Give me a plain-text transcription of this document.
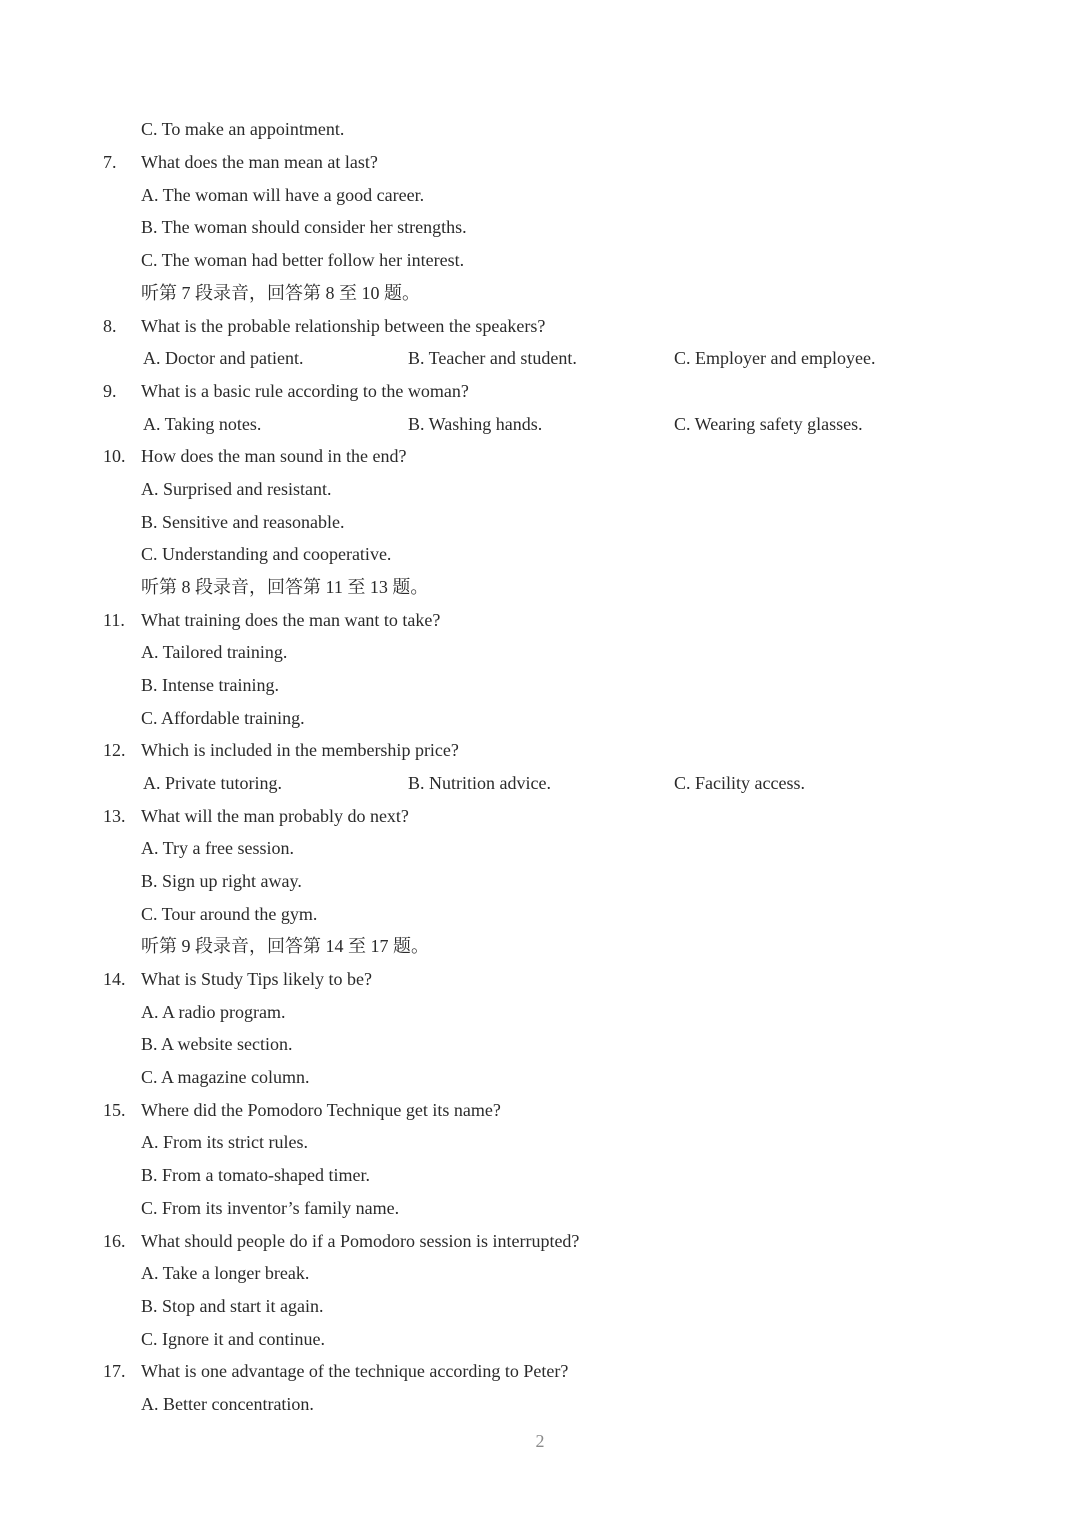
C. To make an appointment.
7. What does the man mean at last?
A. The woman will have a good career.
B. The woman should consider her strengths.
C. The woman had better follow her interest.
听第 7 段录音，回答第 8 至 10 题。
8. What is the probable relationship between the speakers?
A. Doctor and patient.	B. Teacher and student.	C. Employer and employee.
9. What is a basic rule according to the woman?
A. Taking notes.	B. Washing hands.	C. Wearing safety glasses.
10. How does the man sound in the end?
A. Surprised and resistant.
B. Sensitive and reasonable.
C. Understanding and cooperative.
听第 8 段录音，回答第 11 至 13 题。
11. What training does the man want to take?
A. Tailored training.
B. Intense training.
C. Affordable training.
12. Which is included in the membership price?
A. Private tutoring.	B. Nutrition advice.	C. Facility access.
13. What will the man probably do next?
A. Try a free session.
B. Sign up right away.
C. Tour around the gym.
听第 9 段录音，回答第 14 至 17 题。
14. What is Study Tips likely to be?
A. A radio program.
B. A website section.
C. A magazine column.
15. Where did the Pomodoro Technique get its name?
A. From its strict rules.
B. From a tomato-shaped timer.
C. From its inventor’s family name.
16. What should people do if a Pomodoro session is interrupted?
A. Take a longer break.
B. Stop and start it again.
C. Ignore it and continue.
17. What is one advantage of the technique according to Peter?
A. Better concentration.
2
